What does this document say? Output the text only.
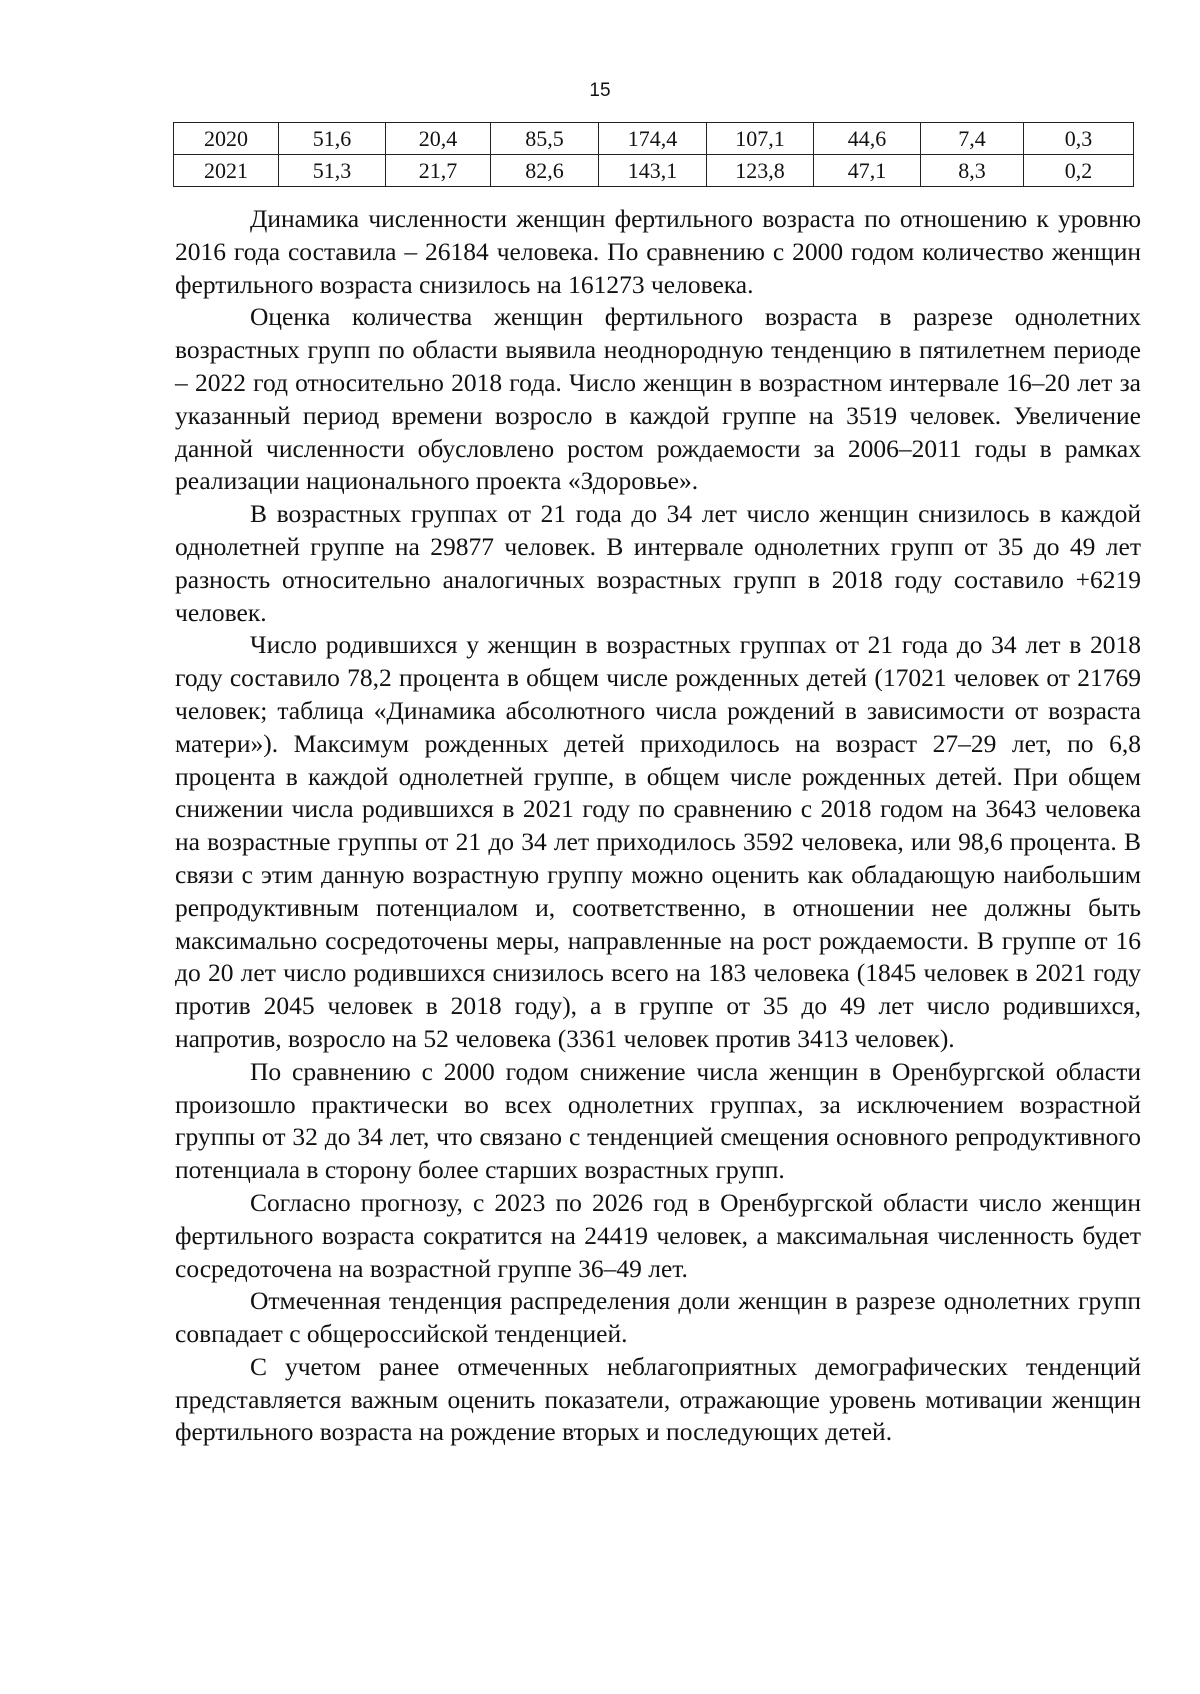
15
2020	51,6	20,4	85,5	174,4	107,1	44,6	7,4	0,3
2021	51,3	21,7	82,6	143,1	123,8	47,1	8,3	0,2

Динамика численности женщин фертильного возраста по отношению к уровню 2016 года составила – 26184 человека. По сравнению с 2000 годом количество женщин фертильного возраста снизилось на 161273 человека.

Оценка количества женщин фертильного возраста в разрезе однолетних возрастных групп по области выявила неоднородную тенденцию в пятилетнем периоде – 2022 год относительно 2018 года. Число женщин в возрастном интервале 16–20 лет за указанный период времени возросло в каждой группе на 3519 человек. Увеличение данной численности обусловлено ростом рождаемости за 2006–2011 годы в рамках реализации национального проекта «Здоровье».

В возрастных группах от 21 года до 34 лет число женщин снизилось в каждой однолетней группе на 29877 человек. В интервале однолетних групп от 35 до 49 лет разность относительно аналогичных возрастных групп в 2018 году составило +6219 человек.

Число родившихся у женщин в возрастных группах от 21 года до 34 лет в 2018 году составило 78,2 процента в общем числе рожденных детей (17021 человек от 21769 человек; таблица «Динамика абсолютного числа рождений в зависимости от возраста матери»). Максимум рожденных детей приходилось на возраст 27–29 лет, по 6,8 процента в каждой однолетней группе, в общем числе рожденных детей. При общем снижении числа родившихся в 2021 году по сравнению с 2018 годом на 3643 человека на возрастные группы от 21 до 34 лет приходилось 3592 человека, или 98,6 процента. В связи с этим данную возрастную группу можно оценить как обладающую наибольшим репродуктивным потенциалом и, соответственно, в отношении нее должны быть максимально сосредоточены меры, направленные на рост рождаемости. В группе от 16 до 20 лет число родившихся снизилось всего на 183 человека (1845 человек в 2021 году против 2045 человек в 2018 году), а в группе от 35 до 49 лет число родившихся, напротив, возросло на 52 человека (3361 человек против 3413 человек).

По сравнению с 2000 годом снижение числа женщин в Оренбургской области произошло практически во всех однолетних группах, за исключением возрастной группы от 32 до 34 лет, что связано с тенденцией смещения основного репродуктивного потенциала в сторону более старших возрастных групп.

Согласно прогнозу, с 2023 по 2026 год в Оренбургской области число женщин фертильного возраста сократится на 24419 человек, а максимальная численность будет сосредоточена на возрастной группе 36–49 лет.

Отмеченная тенденция распределения доли женщин в разрезе однолетних групп совпадает с общероссийской тенденцией.

С учетом ранее отмеченных неблагоприятных демографических тенденций представляется важным оценить показатели, отражающие уровень мотивации женщин фертильного возраста на рождение вторых и последующих детей.
